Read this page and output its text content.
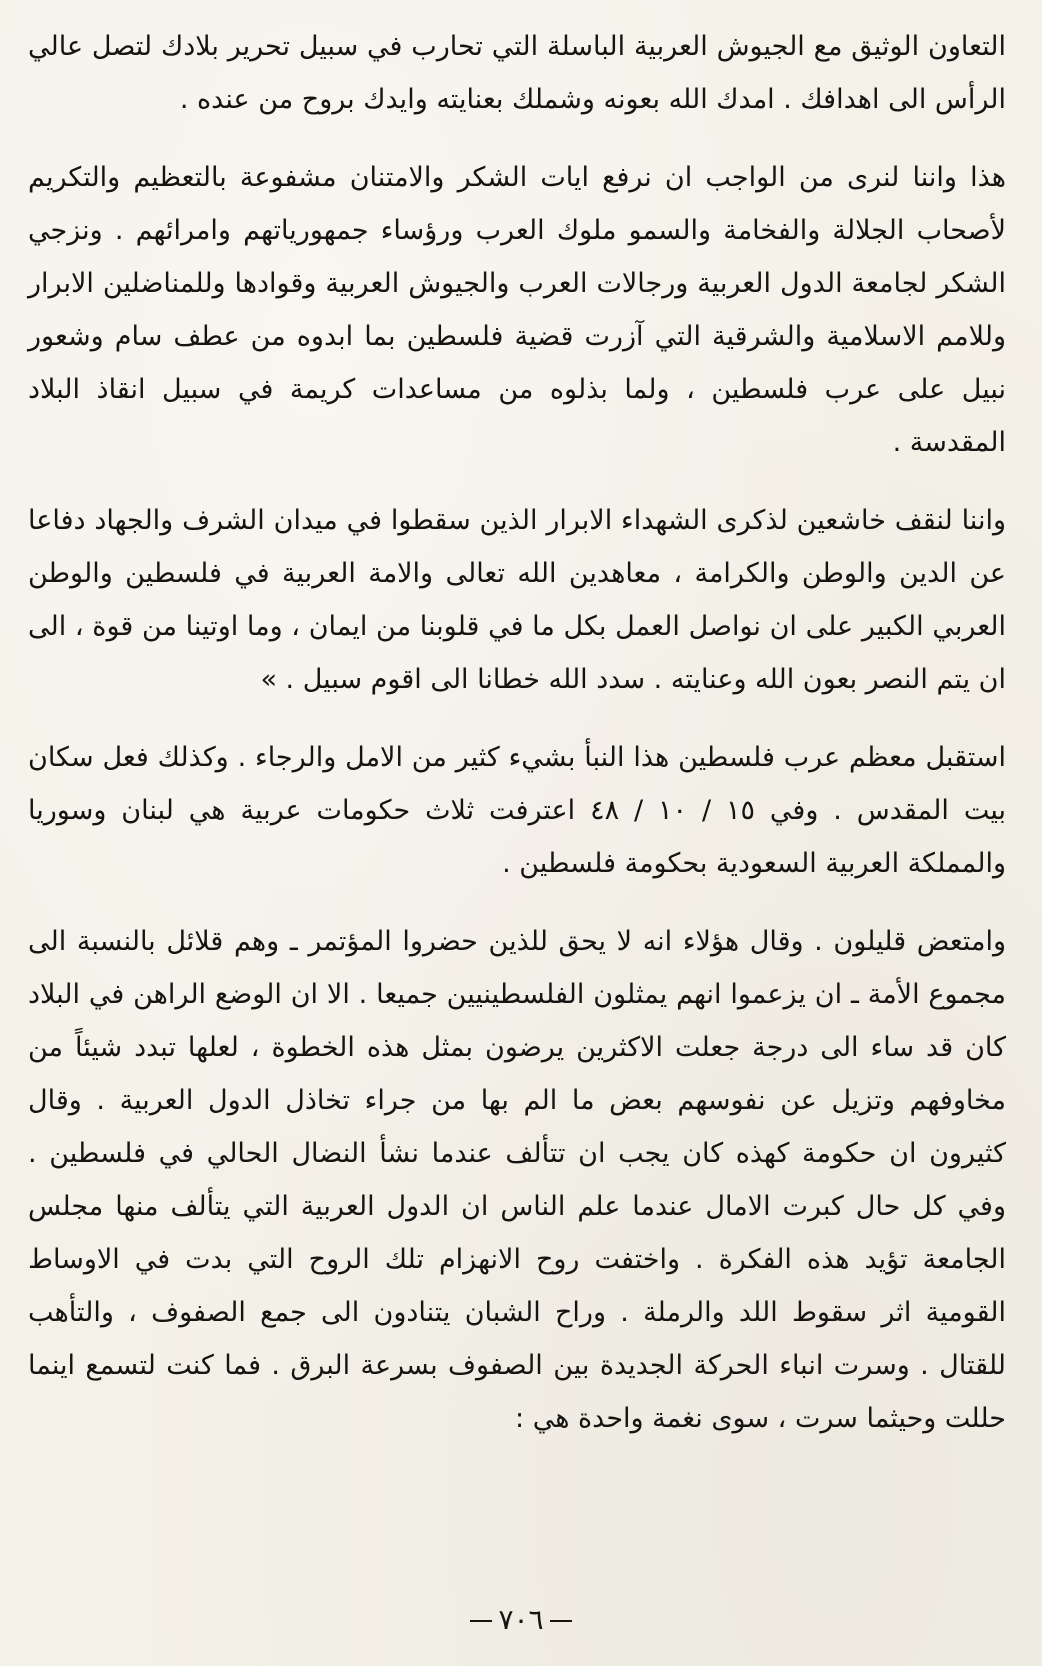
التعاون الوثيق مع الجيوش العربية الباسلة التي تحارب في سبيل تحرير بلادك لتصل عالي الرأس الى اهدافك . امدك الله بعونه وشملك بعنايته وايدك بروح من عنده .

هذا واننا لنرى من الواجب ان نرفع ايات الشكر والامتنان مشفوعة بالتعظيم والتكريم لأصحاب الجلالة والفخامة والسمو ملوك العرب ورؤساء جمهورياتهم وامرائهم . ونزجي الشكر لجامعة الدول العربية ورجالات العرب والجيوش العربية وقوادها وللمناضلين الابرار وللامم الاسلامية والشرقية التي آزرت قضية فلسطين بما ابدوه من عطف سام وشعور نبيل على عرب فلسطين ، ولما بذلوه من مساعدات كريمة في سبيل انقاذ البلاد المقدسة .

واننا لنقف خاشعين لذكرى الشهداء الابرار الذين سقطوا في ميدان الشرف والجهاد دفاعا عن الدين والوطن والكرامة ، معاهدين الله تعالى والامة العربية في فلسطين والوطن العربي الكبير على ان نواصل العمل بكل ما في قلوبنا من ايمان ، وما اوتينا من قوة ، الى ان يتم النصر بعون الله وعنايته . سدد الله خطانا الى اقوم سبيل . »

استقبل معظم عرب فلسطين هذا النبأ بشيء كثير من الامل والرجاء . وكذلك فعل سكان بيت المقدس . وفي ١٥ / ١٠ / ٤٨ اعترفت ثلاث حكومات عربية هي لبنان وسوريا والمملكة العربية السعودية بحكومة فلسطين .

وامتعض قليلون . وقال هؤلاء انه لا يحق للذين حضروا المؤتمر ـ وهم قلائل بالنسبة الى مجموع الأمة ـ ان يزعموا انهم يمثلون الفلسطينيين جميعا . الا ان الوضع الراهن في البلاد كان قد ساء الى درجة جعلت الاكثرين يرضون بمثل هذه الخطوة ، لعلها تبدد شيئاً من مخاوفهم وتزيل عن نفوسهم بعض ما الم بها من جراء تخاذل الدول العربية . وقال كثيرون ان حكومة كهذه كان يجب ان تتألف عندما نشأ النضال الحالي في فلسطين . وفي كل حال كبرت الامال عندما علم الناس ان الدول العربية التي يتألف منها مجلس الجامعة تؤيد هذه الفكرة . واختفت روح الانهزام تلك الروح التي بدت في الاوساط القومية اثر سقوط اللد والرملة . وراح الشبان يتنادون الى جمع الصفوف ، والتأهب للقتال . وسرت انباء الحركة الجديدة بين الصفوف بسرعة البرق . فما كنت لتسمع اينما حللت وحيثما سرت ، سوى نغمة واحدة هي :

٧٠٦
